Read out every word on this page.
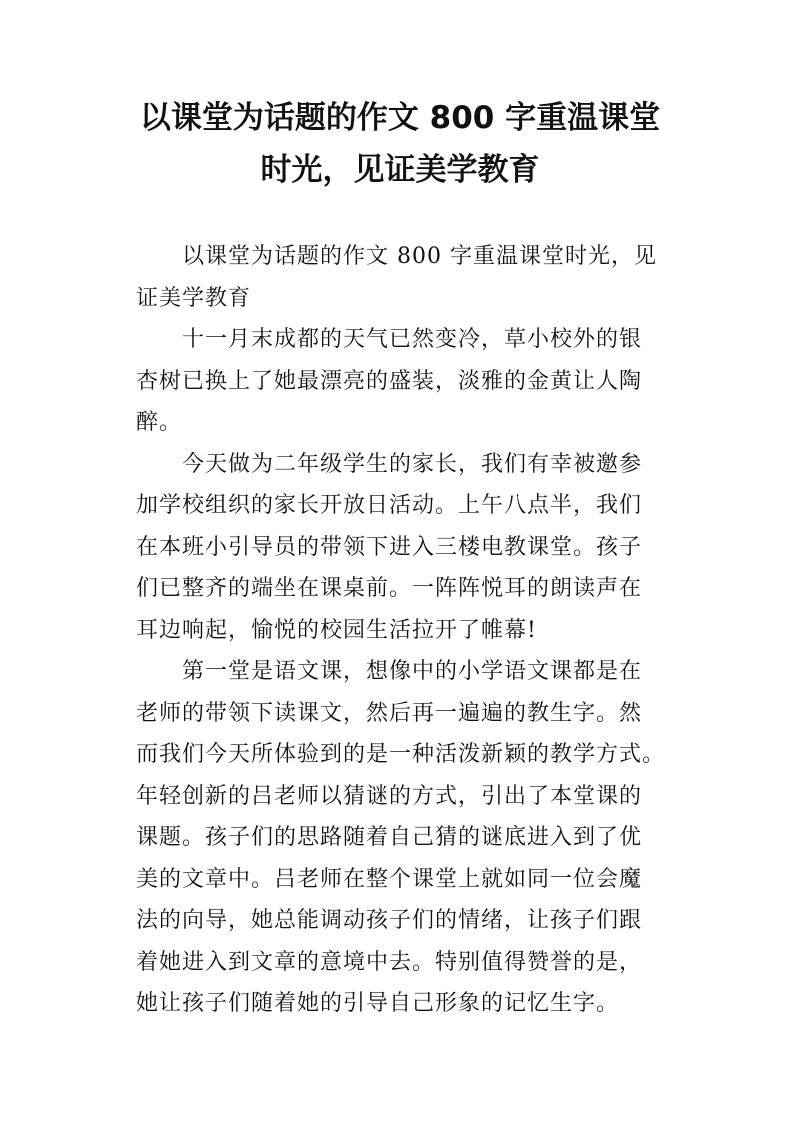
以课堂为话题的作文 800 字重温课堂
时光，见证美学教育

以课堂为话题的作文 800 字重温课堂时光，见
证美学教育

十一月末成都的天气已然变冷，草小校外的银
杏树已换上了她最漂亮的盛装，淡雅的金黄让人陶
醉。

今天做为二年级学生的家长，我们有幸被邀参
加学校组织的家长开放日活动。上午八点半，我们
在本班小引导员的带领下进入三楼电教课堂。孩子
们已整齐的端坐在课桌前。一阵阵悦耳的朗读声在
耳边响起，愉悦的校园生活拉开了帷幕!

第一堂是语文课，想像中的小学语文课都是在
老师的带领下读课文，然后再一遍遍的教生字。然
而我们今天所体验到的是一种活泼新颖的教学方式。
年轻创新的吕老师以猜谜的方式，引出了本堂课的
课题。孩子们的思路随着自己猜的谜底进入到了优
美的文章中。吕老师在整个课堂上就如同一位会魔
法的向导，她总能调动孩子们的情绪，让孩子们跟
着她进入到文章的意境中去。特别值得赞誉的是，
她让孩子们随着她的引导自己形象的记忆生字。
